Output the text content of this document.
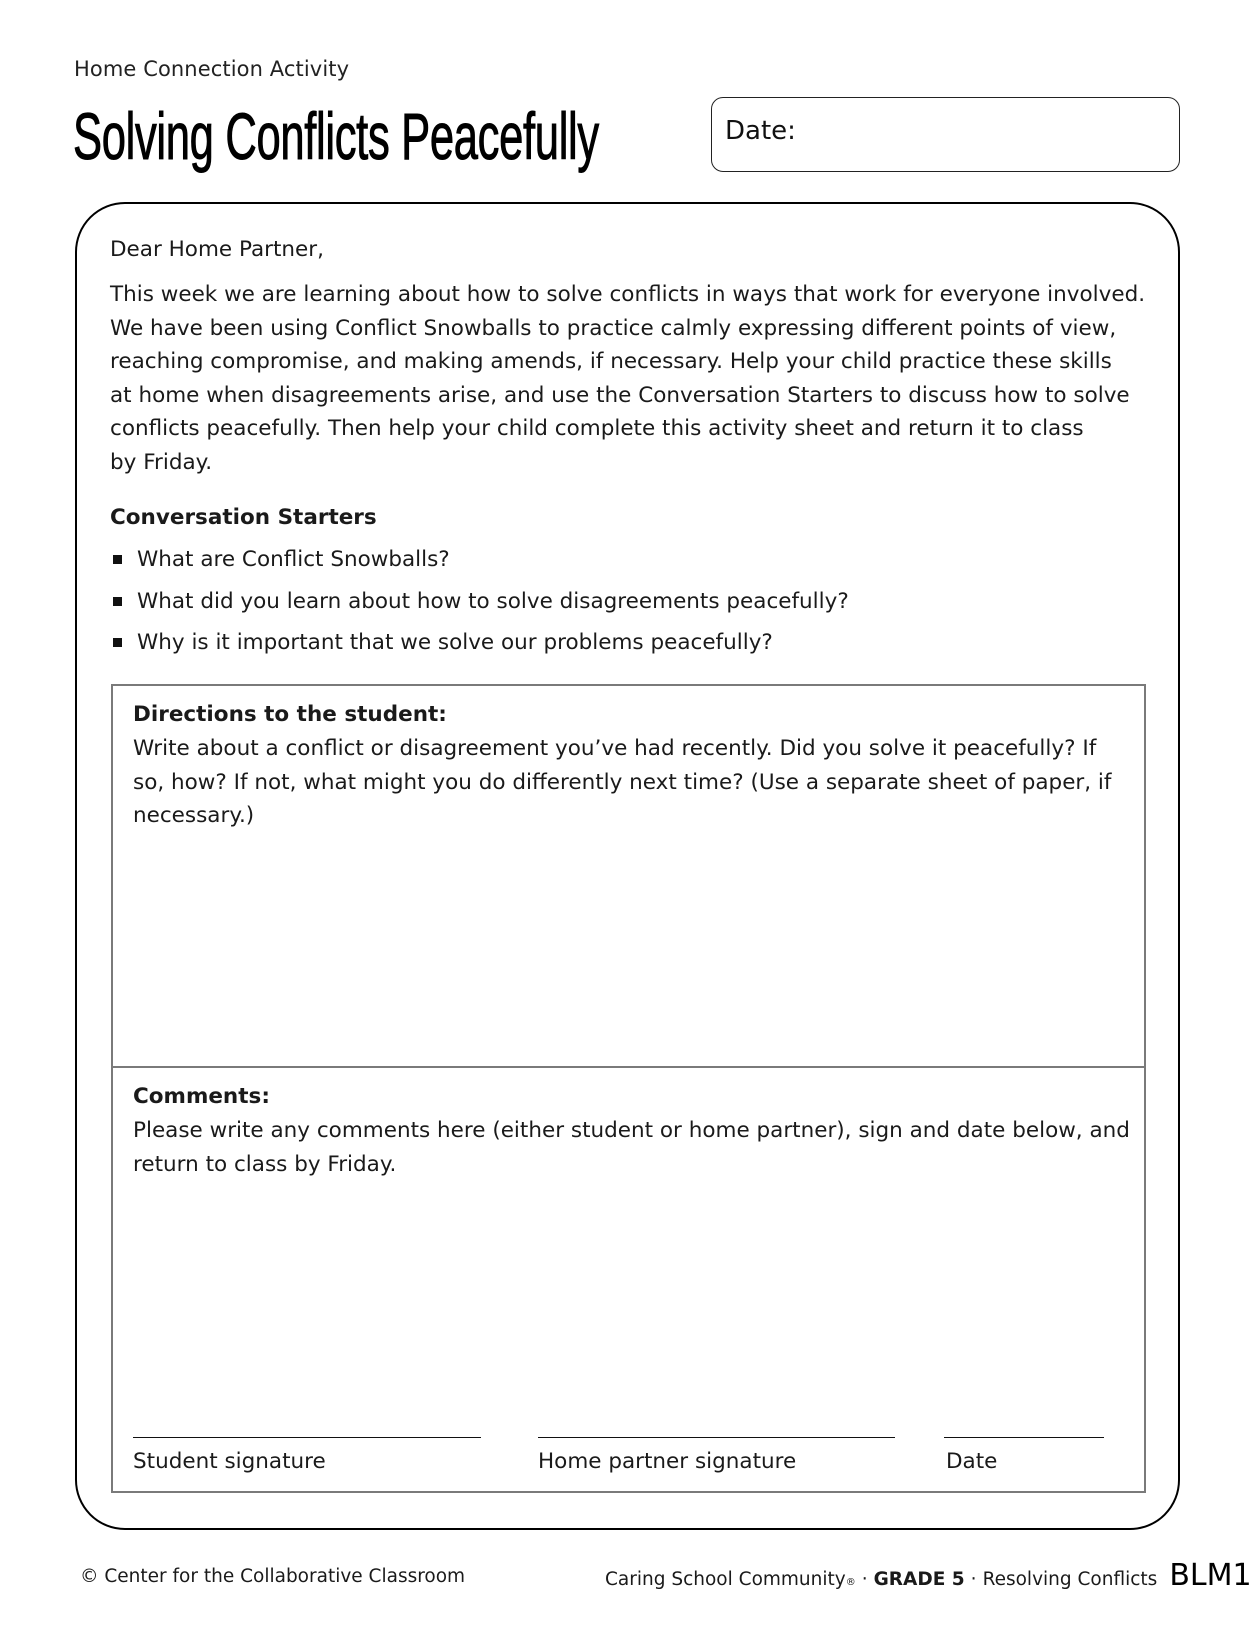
Home Connection Activity
Solving Conflicts Peacefully	Date:
Dear Home Partner,
This week we are learning about how to solve conflicts in ways that work for everyone involved.
We have been using Conflict Snowballs to practice calmly expressing different points of view,
reaching compromise, and making amends, if necessary. Help your child practice these skills
at home when disagreements arise, and use the Conversation Starters to discuss how to solve
conflicts peacefully. Then help your child complete this activity sheet and return it to class
by Friday.
Conversation Starters
What are Conflict Snowballs?
What did you learn about how to solve disagreements peacefully?
Why is it important that we solve our problems peacefully?
Directions to the student:
Write about a conflict or disagreement you’ve had recently. Did you solve it peacefully? If
so, how? If not, what might you do differently next time? (Use a separate sheet of paper, if
necessary.)
Comments:
Please write any comments here (either student or home partner), sign and date below, and
return to class by Friday.
Student signature	Home partner signature	Date
© Center for the Collaborative Classroom	Caring School Community ® · GRADE 5 · Resolving Conflicts BLM1
